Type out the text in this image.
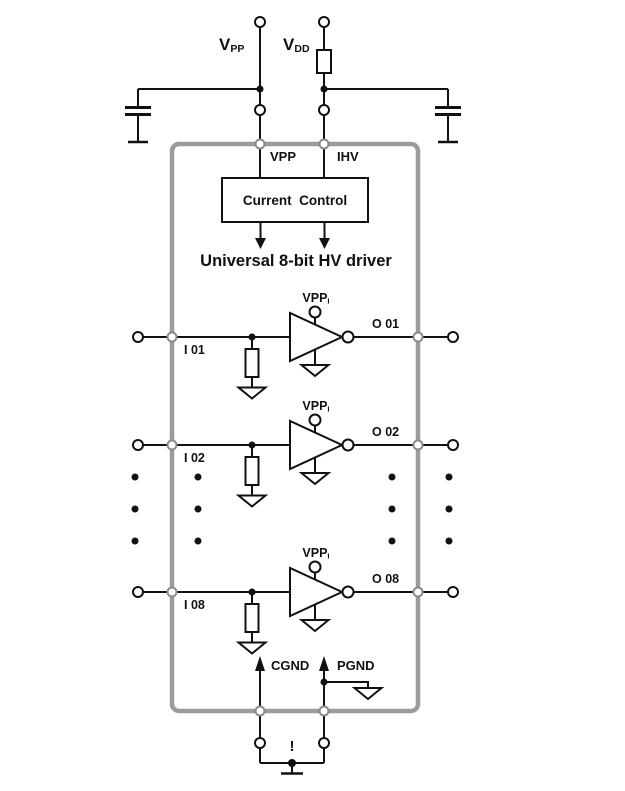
VPP VDD
VPP	IHV
Current  Control
Universal 8-bit HV driver
I 01
O 01
VPPI
I 02
O 02
VPPI
I 08
O 08
VPPI
CGND PGND
!
